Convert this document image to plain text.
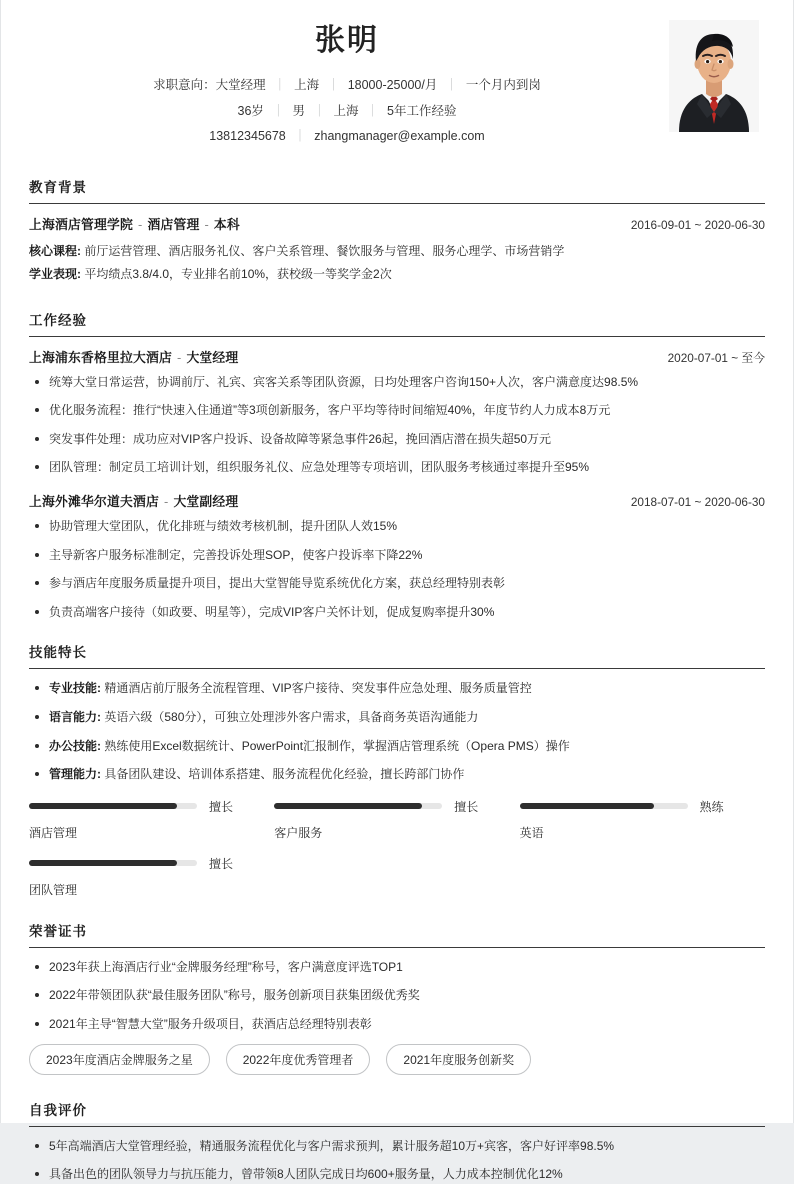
张明
求职意向：大堂经理 ｜ 上海 ｜ 18000-25000/月 ｜ 一个月内到岗
36岁 ｜ 男 ｜ 上海 ｜ 5年工作经验
13812345678 ｜ zhangmanager@example.com
教育背景
上海酒店管理学院 - 酒店管理 - 本科	2016-09-01 ~ 2020-06-30
核心课程: 前厅运营管理、酒店服务礼仪、客户关系管理、餐饮服务与管理、服务心理学、市场营销学
学业表现: 平均绩点3.8/4.0，专业排名前10%，获校级一等奖学金2次
工作经验
上海浦东香格里拉大酒店 - 大堂经理	2020-07-01 ~ 至今
统筹大堂日常运营，协调前厅、礼宾、宾客关系等团队资源，日均处理客户咨询150+人次，客户满意度达98.5%
优化服务流程：推行“快速入住通道”等3项创新服务，客户平均等待时间缩短40%，年度节约人力成本8万元
突发事件处理：成功应对VIP客户投诉、设备故障等紧急事件26起，挽回酒店潜在损失超50万元
团队管理：制定员工培训计划，组织服务礼仪、应急处理等专项培训，团队服务考核通过率提升至95%
上海外滩华尔道夫酒店 - 大堂副经理	2018-07-01 ~ 2020-06-30
协助管理大堂团队，优化排班与绩效考核机制，提升团队人效15%
主导新客户服务标准制定，完善投诉处理SOP，使客户投诉率下降22%
参与酒店年度服务质量提升项目，提出大堂智能导览系统优化方案，获总经理特别表彰
负责高端客户接待（如政要、明星等），完成VIP客户关怀计划，促成复购率提升30%
技能特长
专业技能: 精通酒店前厅服务全流程管理、VIP客户接待、突发事件应急处理、服务质量管控
语言能力: 英语六级（580分），可独立处理涉外客户需求，具备商务英语沟通能力
办公技能: 熟练使用Excel数据统计、PowerPoint汇报制作，掌握酒店管理系统（Opera PMS）操作
管理能力: 具备团队建设、培训体系搭建、服务流程优化经验，擅长跨部门协作
擅长
酒店管理
擅长
客户服务
熟练
英语
擅长
团队管理
荣誉证书
2023年获上海酒店行业“金牌服务经理”称号，客户满意度评选TOP1
2022年带领团队获“最佳服务团队”称号，服务创新项目获集团级优秀奖
2021年主导“智慧大堂”服务升级项目，获酒店总经理特别表彰
2023年度酒店金牌服务之星	2022年度优秀管理者	2021年度服务创新奖
自我评价
5年高端酒店大堂管理经验，精通服务流程优化与客户需求预判，累计服务超10万+宾客，客户好评率98.5%
具备出色的团队领导力与抗压能力，曾带领8人团队完成日均600+服务量，人力成本控制优化12%
